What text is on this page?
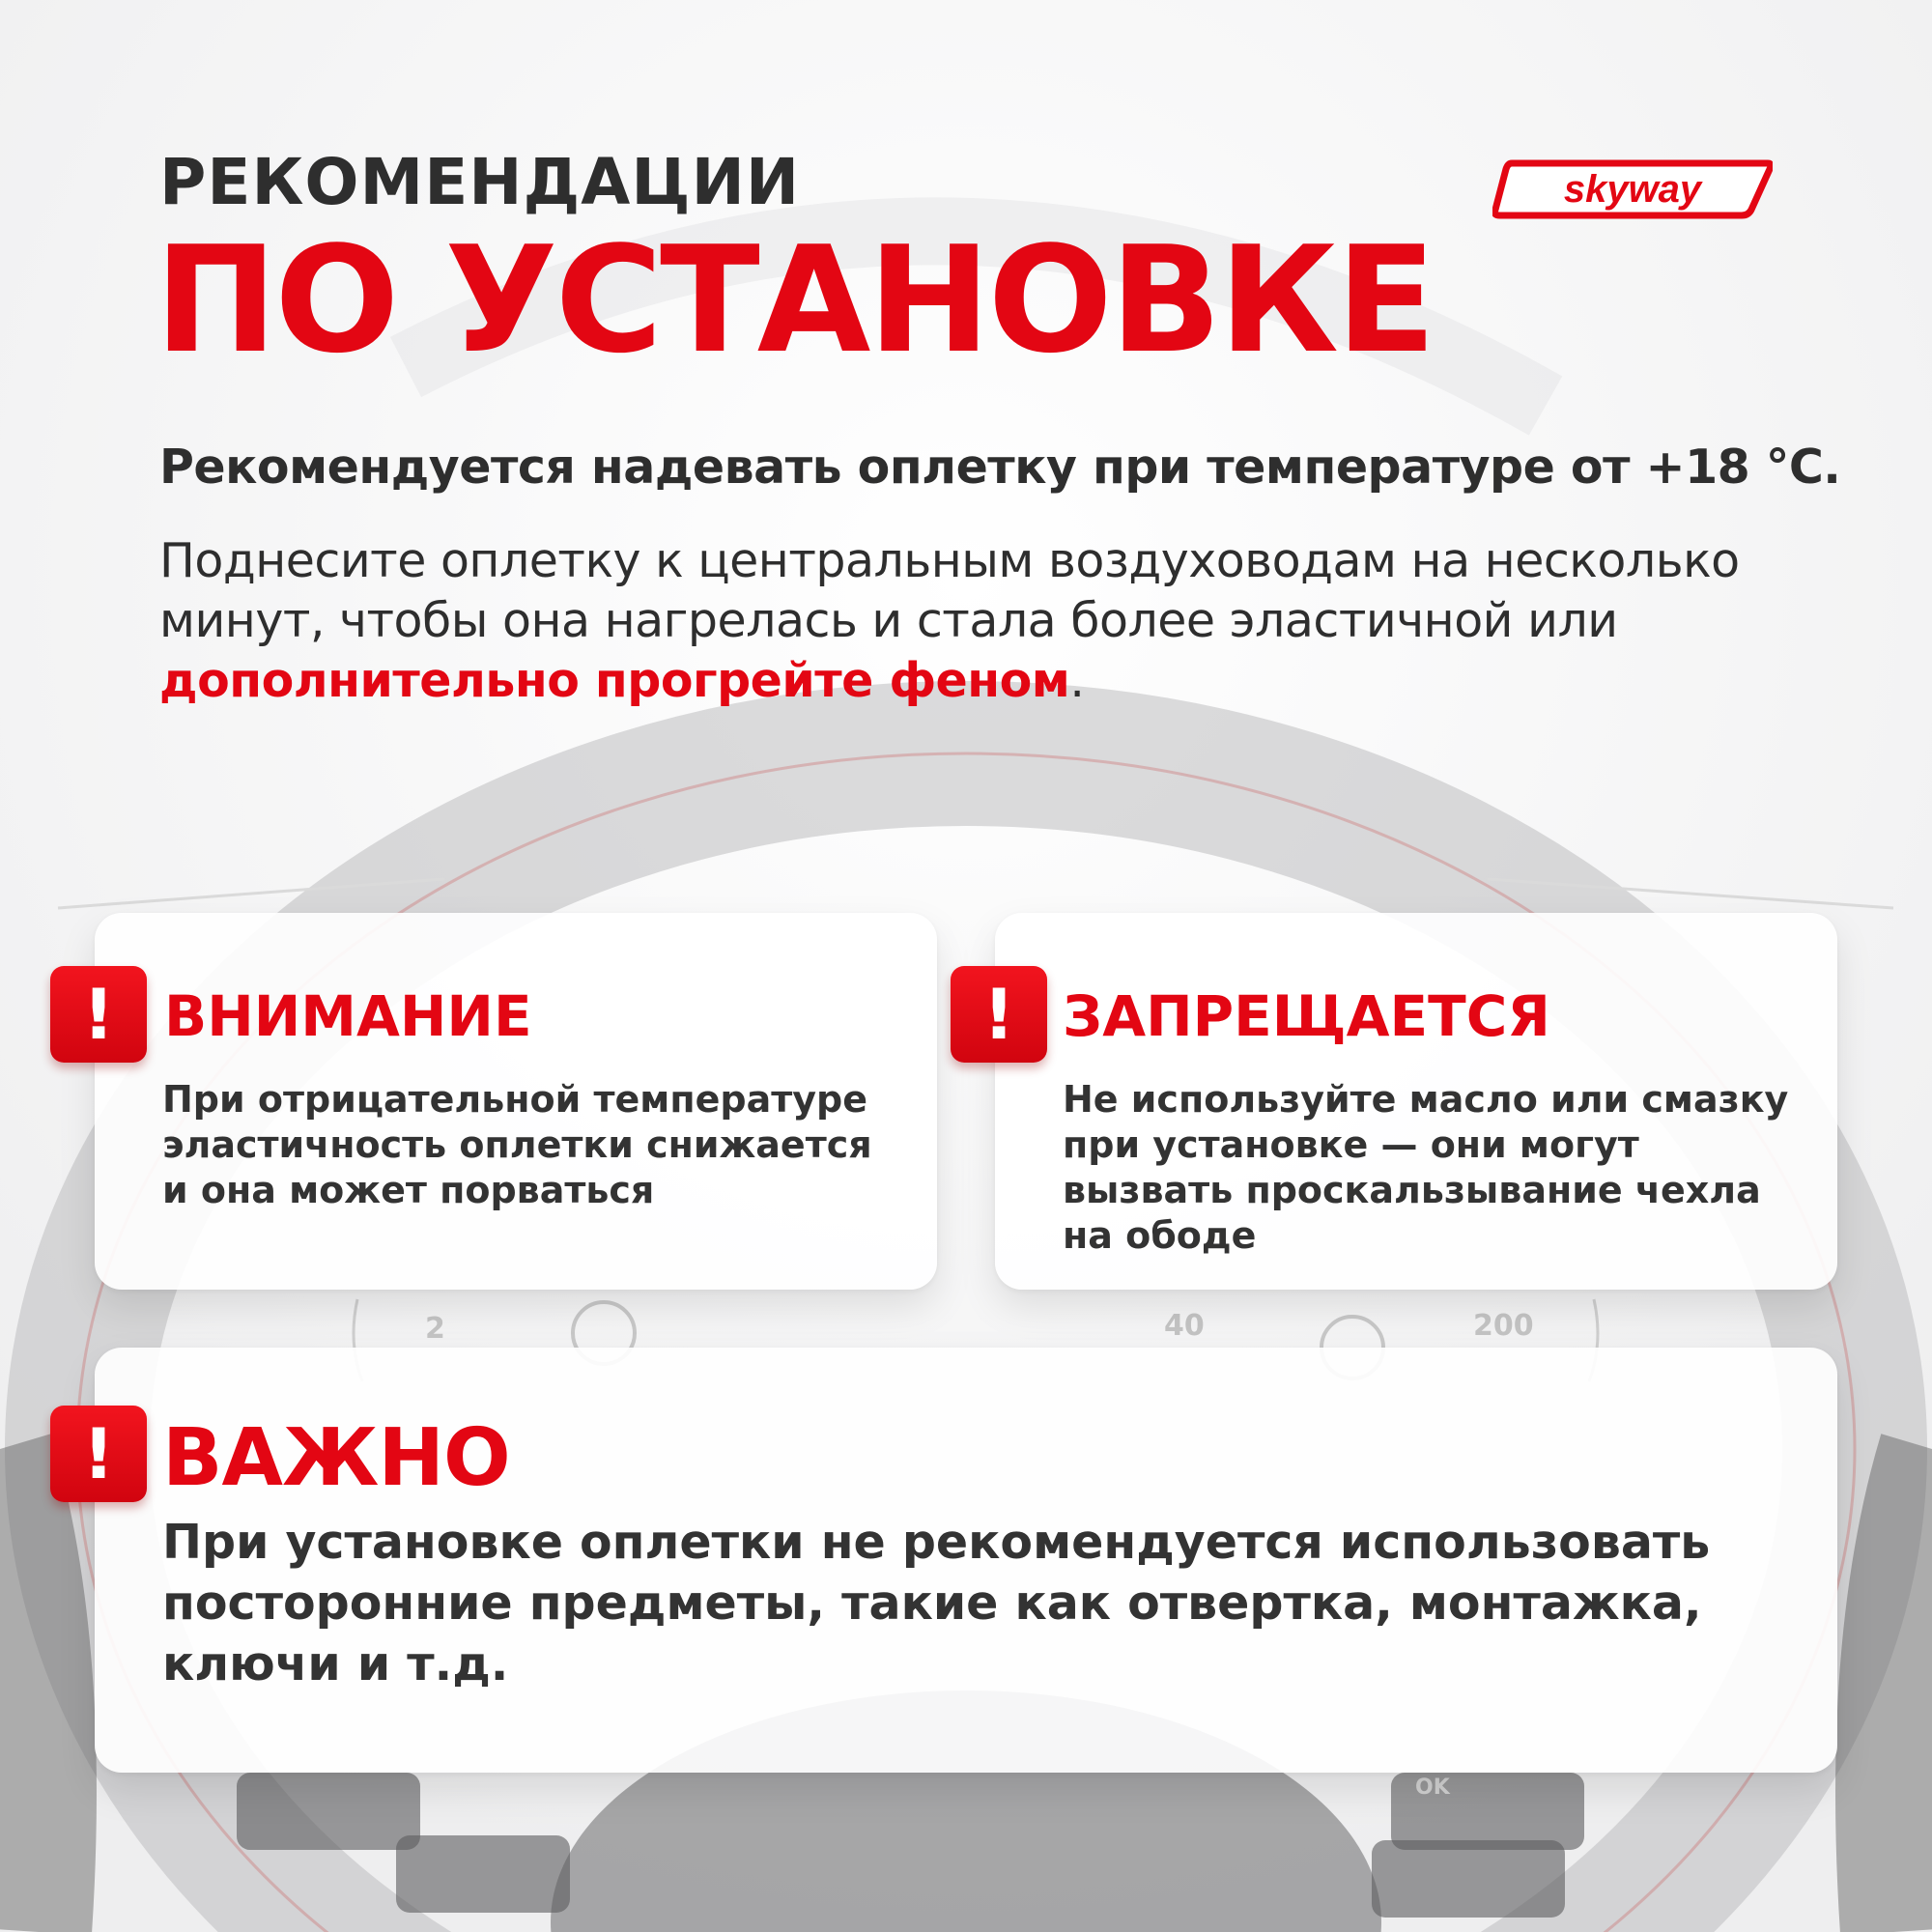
2	40	200
OK
РЕКОМЕНДАЦИИ
ПО УСТАНОВКЕ
skyway

Рекомендуется надевать оплетку при температуре от +18 °C.

Поднесите оплетку к центральным воздуховодам на несколько минут, чтобы она нагрелась и стала более эластичной или дополнительно прогрейте феном.

!	!
!
ВНИМАНИЕ	ЗАПРЕЩАЕТСЯ
ВАЖНО

При отрицательной температуре эластичность оплетки снижается и она может порваться

Не используйте масло или смазку при установке — они могут вызвать проскальзывание чехла на ободе

При установке оплетки не рекомендуется использовать посторонние предметы, такие как отвертка, монтажка, ключи и т.д.
